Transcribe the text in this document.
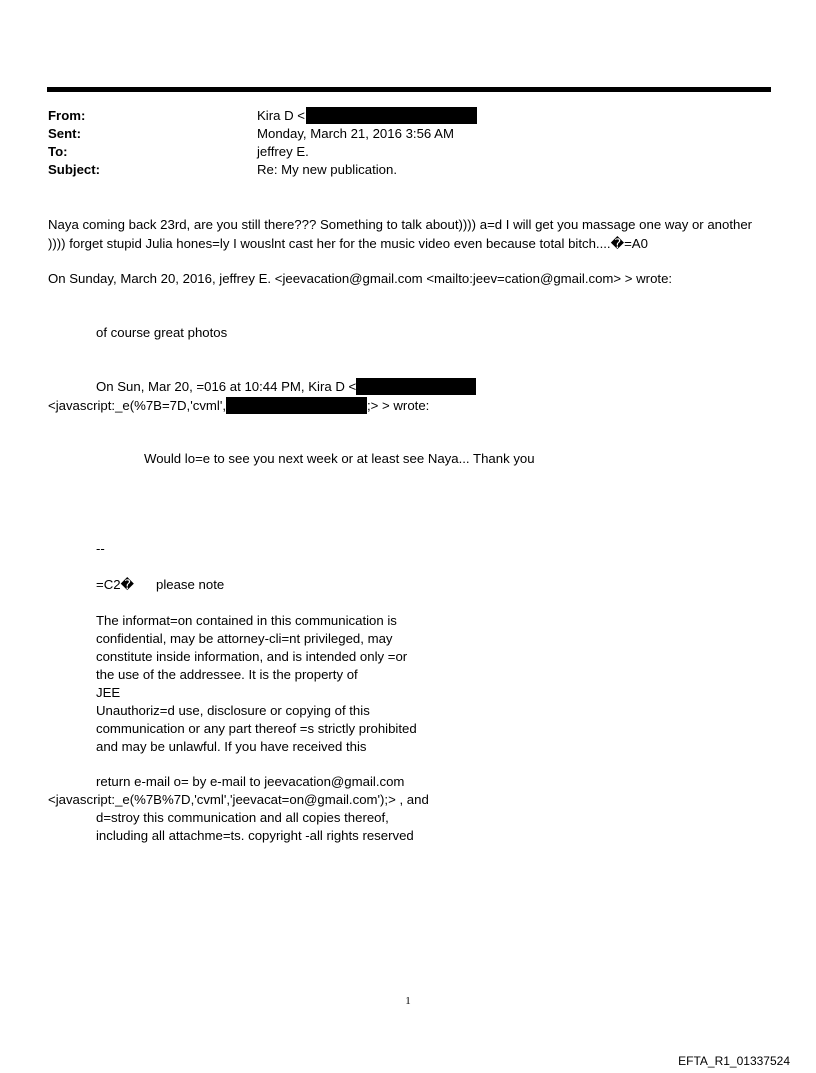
From:	Kira D <
Sent:	Monday, March 21, 2016 3:56 AM
To:	jeffrey E.
Subject:	Re: My new publication.
Naya coming back 23rd, are you still there??? Something to talk about)))) a=d I will get you massage one way or another
)))) forget stupid Julia hones=ly I wouslnt cast her for the music video even because total bitch....�=A0
On Sunday, March 20, 2016, jeffrey E. <jeevacation@gmail.com <mailto:jeev=cation@gmail.com> > wrote:
of course great photos
On Sun, Mar 20, =016 at 10:44 PM, Kira D <
<javascript:_e(%7B=7D,'cvml',	;> > wrote:
Would lo=e to see you next week or at least see Naya... Thank you
--
=C2� please note
The informat=on contained in this communication is
confidential, may be attorney-cli=nt privileged, may
constitute inside information, and is intended only =or
the use of the addressee. It is the property of
JEE
Unauthoriz=d use, disclosure or copying of this
communication or any part thereof =s strictly prohibited
and may be unlawful. If you have received this
return e-mail o= by e-mail to jeevacation@gmail.com
<javascript:_e(%7B%7D,'cvml','jeevacat=on@gmail.com');> , and
d=stroy this communication and all copies thereof,
including all attachme=ts. copyright -all rights reserved
1
EFTA_R1_01337524
